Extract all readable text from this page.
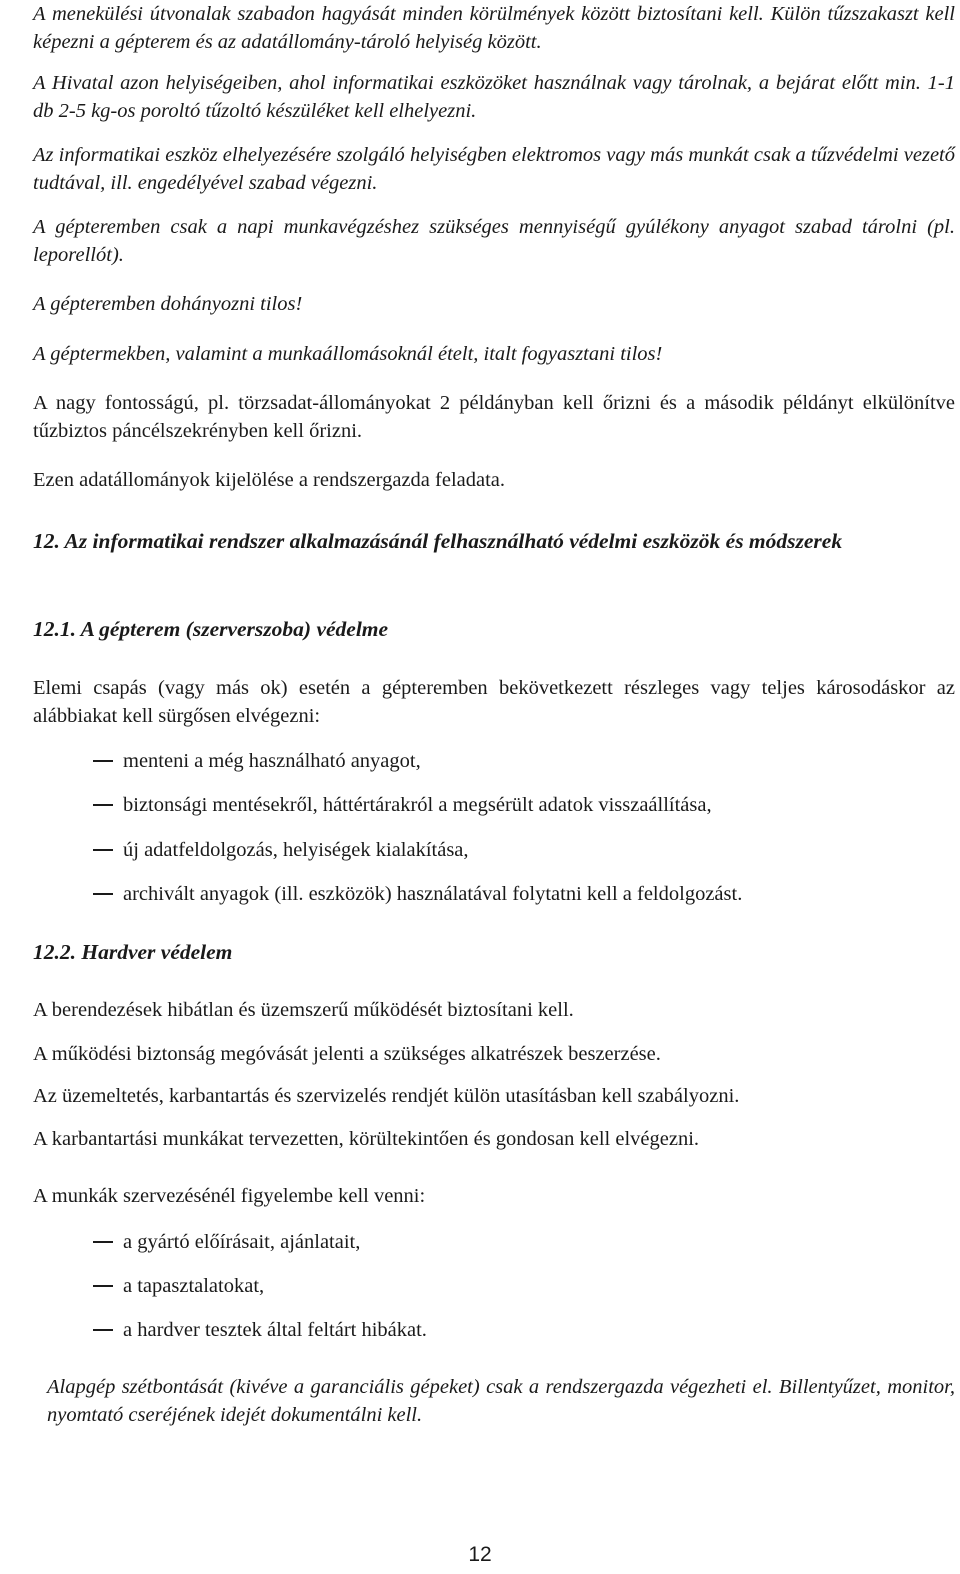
A menekülési útvonalak szabadon hagyását minden körülmények között biztosítani kell. Külön tűzszakaszt kell képezni a gépterem és az adatállomány-tároló helyiség között.

A Hivatal azon helyiségeiben, ahol informatikai eszközöket használnak vagy tárolnak, a bejárat előtt min. 1-1 db 2-5 kg-os poroltó tűzoltó készüléket kell elhelyezni.

Az informatikai eszköz elhelyezésére szolgáló helyiségben elektromos vagy más munkát csak a tűzvédelmi vezető tudtával, ill. engedélyével szabad végezni.

A gépteremben csak a napi munkavégzéshez szükséges mennyiségű gyúlékony anyagot szabad tárolni (pl. leporellót).

A gépteremben dohányozni tilos!

A géptermekben, valamint a munkaállomásoknál ételt, italt fogyasztani tilos!

A nagy fontosságú, pl. törzsadat-állományokat 2 példányban kell őrizni és a második példányt elkülönítve tűzbiztos páncélszekrényben kell őrizni.

Ezen adatállományok kijelölése a rendszergazda feladata.

12. Az informatikai rendszer alkalmazásánál felhasználható védelmi eszközök és módszerek
12.1. A gépterem (szerverszoba) védelme

Elemi csapás (vagy más ok) esetén a gépteremben bekövetkezett részleges vagy teljes károsodáskor az alábbiakat kell sürgősen elvégezni:

menteni a még használható anyagot,
biztonsági mentésekről, háttértárakról a megsérült adatok visszaállítása,
új adatfeldolgozás, helyiségek kialakítása,
archivált anyagok (ill. eszközök) használatával folytatni kell a feldolgozást.
12.2. Hardver védelem

A berendezések hibátlan és üzemszerű működését biztosítani kell.

A működési biztonság megóvását jelenti a szükséges alkatrészek beszerzése.

Az üzemeltetés, karbantartás és szervizelés rendjét külön utasításban kell szabályozni.

A karbantartási munkákat tervezetten, körültekintően és gondosan kell elvégezni.

A munkák szervezésénél figyelembe kell venni:

a gyártó előírásait, ajánlatait,
a tapasztalatokat,
a hardver tesztek által feltárt hibákat.

Alapgép szétbontását (kivéve a garanciális gépeket) csak a rendszergazda végezheti el. Billentyűzet, monitor, nyomtató cseréjének idejét dokumentálni kell.

12
